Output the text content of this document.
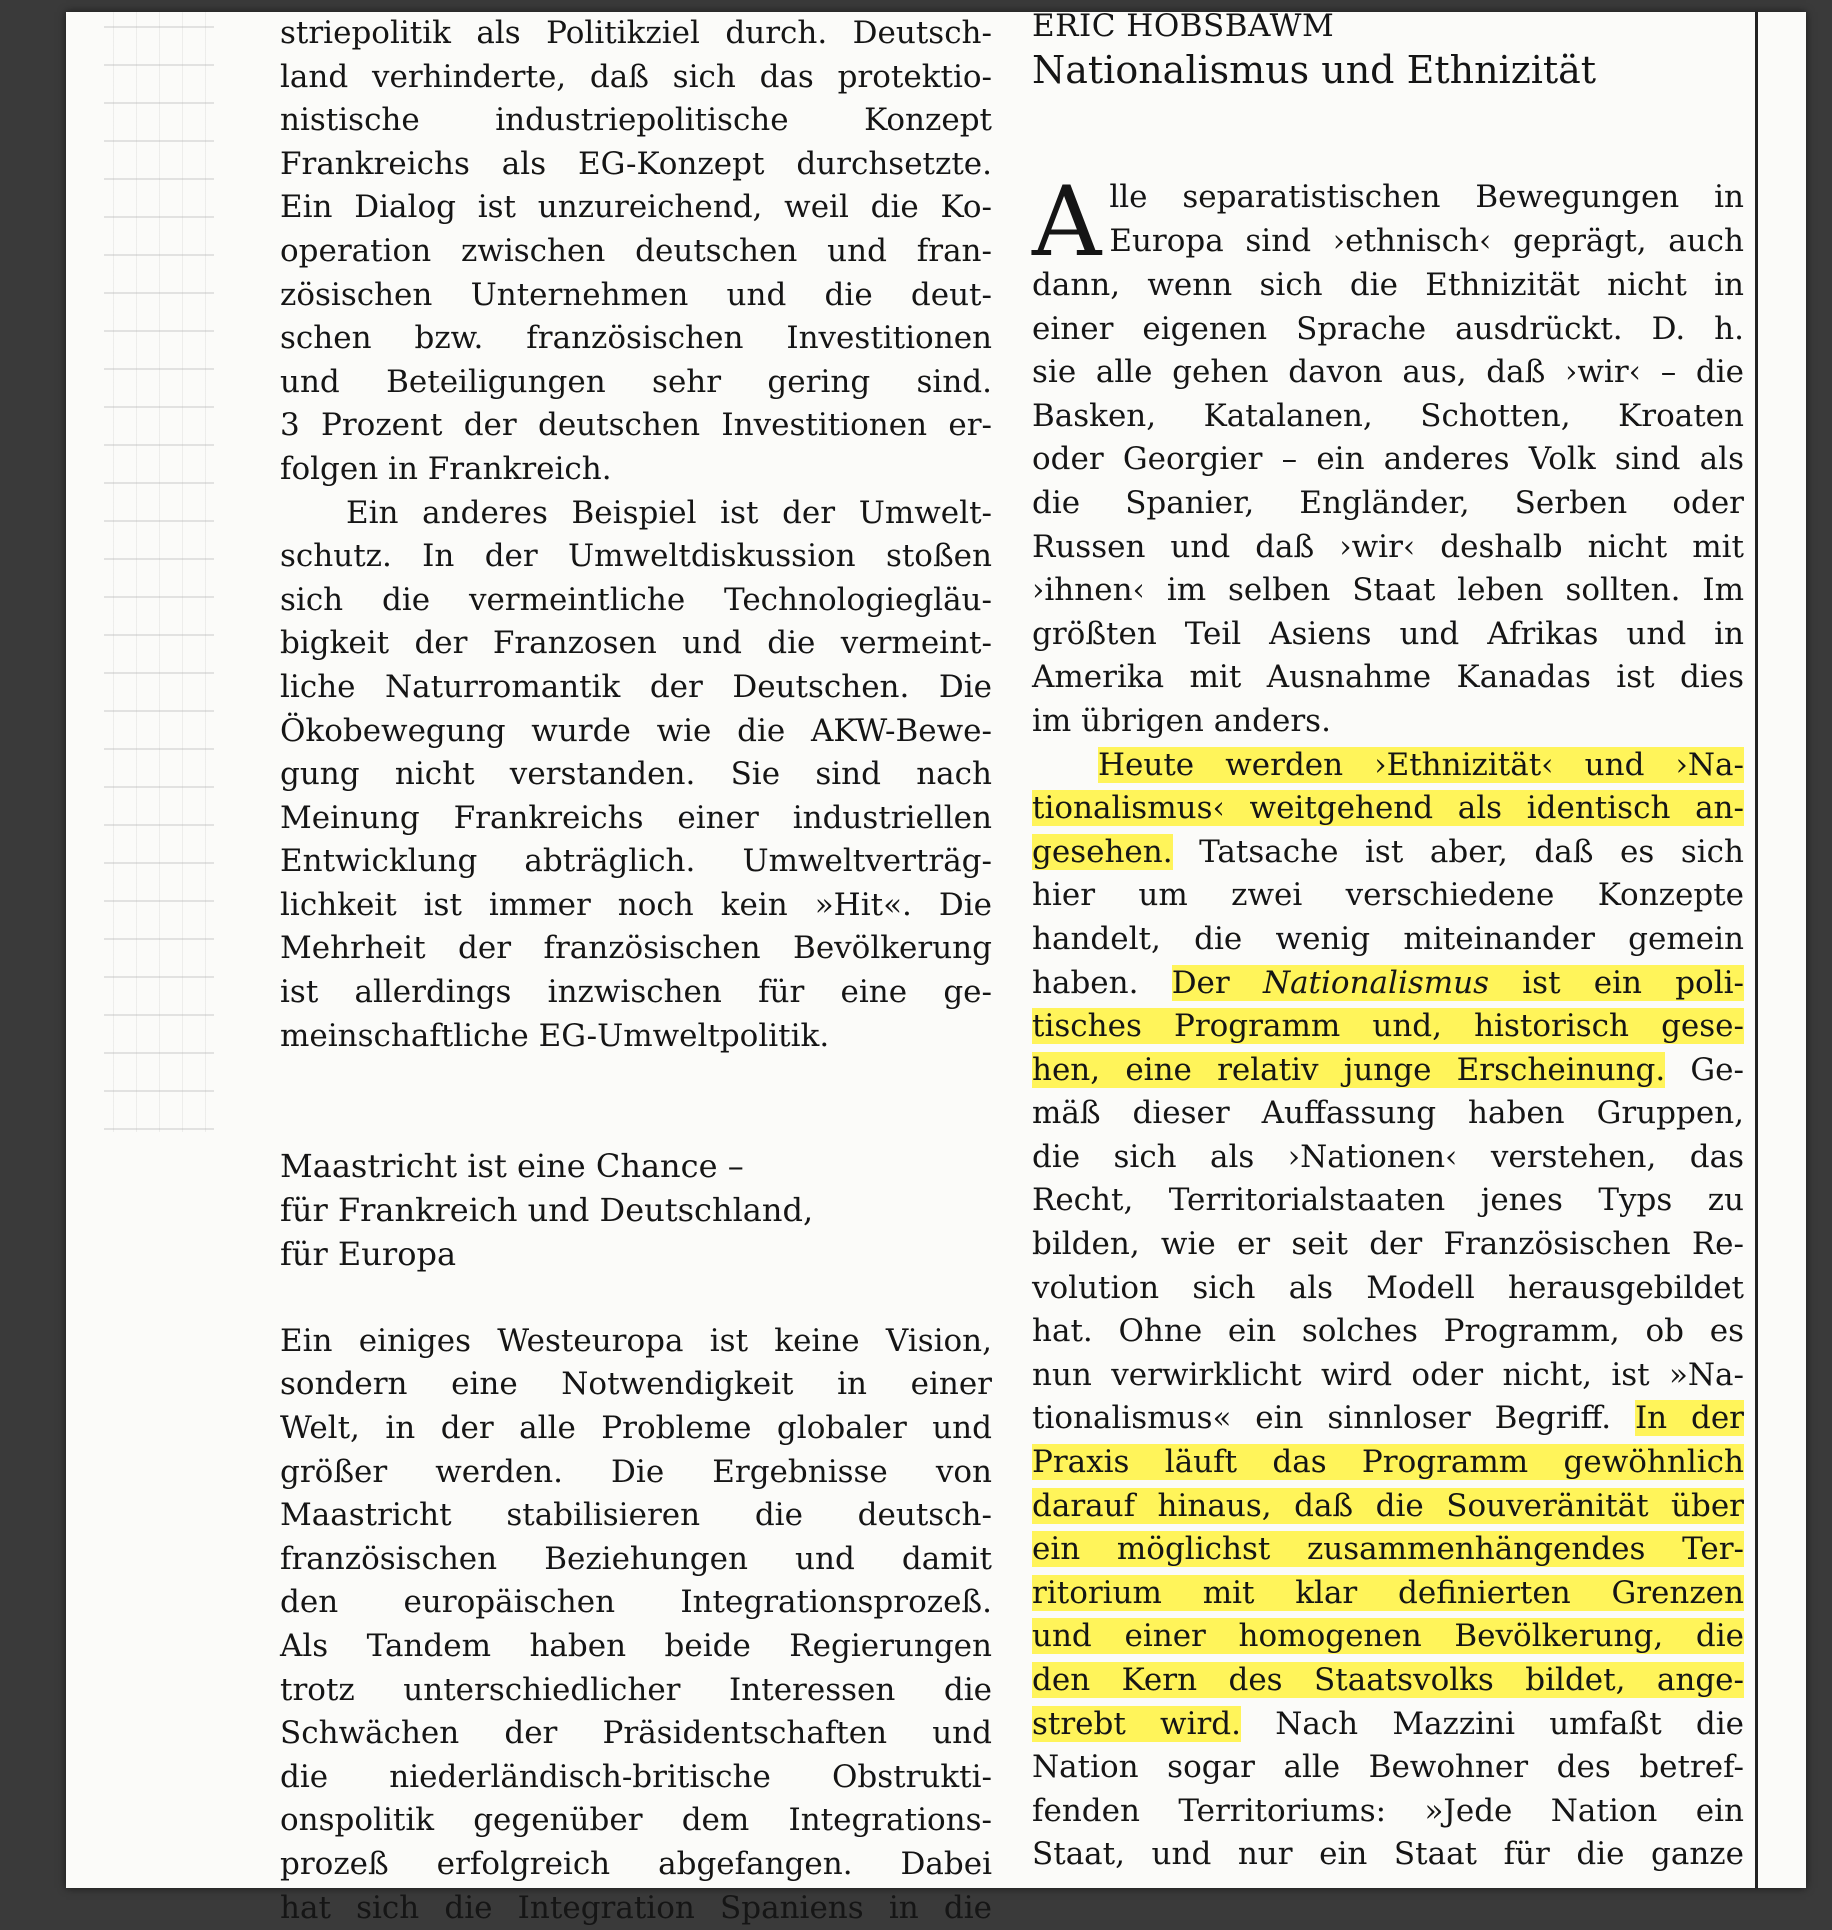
striepolitik als Politikziel durch. Deutsch-
land verhinderte, daß sich das protektio-
nistische industriepolitische Konzept
Frankreichs als EG-Konzept durchsetzte.
Ein Dialog ist unzureichend, weil die Ko-
operation zwischen deutschen und fran-
zösischen Unternehmen und die deut-
schen bzw. französischen Investitionen
und Beteiligungen sehr gering sind.
3 Prozent der deutschen Investitionen er-
folgen in Frankreich.
Ein anderes Beispiel ist der Umwelt-
schutz. In der Umweltdiskussion stoßen
sich die vermeintliche Technologiegläu-
bigkeit der Franzosen und die vermeint-
liche Naturromantik der Deutschen. Die
Ökobewegung wurde wie die AKW-Bewe-
gung nicht verstanden. Sie sind nach
Meinung Frankreichs einer industriellen
Entwicklung abträglich. Umweltverträg-
lichkeit ist immer noch kein »Hit«. Die
Mehrheit der französischen Bevölkerung
ist allerdings inzwischen für eine ge-
meinschaftliche EG-Umweltpolitik.
Maastricht ist eine Chance –
für Frankreich und Deutschland,
für Europa
Ein einiges Westeuropa ist keine Vision,
sondern eine Notwendigkeit in einer
Welt, in der alle Probleme globaler und
größer werden. Die Ergebnisse von
Maastricht stabilisieren die deutsch-
französischen Beziehungen und damit
den europäischen Integrationsprozeß.
Als Tandem haben beide Regierungen
trotz unterschiedlicher Interessen die
Schwächen der Präsidentschaften und
die niederländisch-britische Obstrukti-
onspolitik gegenüber dem Integrations-
prozeß erfolgreich abgefangen. Dabei
hat sich die Integration Spaniens in die
ERIC HOBSBAWM
Nationalismus und Ethnizität
A lle separatistischen Bewegungen in
Europa sind ›ethnisch‹ geprägt, auch
dann, wenn sich die Ethnizität nicht in
einer eigenen Sprache ausdrückt. D. h.
sie alle gehen davon aus, daß ›wir‹ – die
Basken, Katalanen, Schotten, Kroaten
oder Georgier – ein anderes Volk sind als
die Spanier, Engländer, Serben oder
Russen und daß ›wir‹ deshalb nicht mit
›ihnen‹ im selben Staat leben sollten. Im
größten Teil Asiens und Afrikas und in
Amerika mit Ausnahme Kanadas ist dies
im übrigen anders.
Heute werden ›Ethnizität‹ und ›Na-
tionalismus‹ weitgehend als identisch an-
gesehen. Tatsache ist aber, daß es sich
hier um zwei verschiedene Konzepte
handelt, die wenig miteinander gemein
haben. Der Nationalismus ist ein poli-
tisches Programm und, historisch gese-
hen, eine relativ junge Erscheinung. Ge-
mäß dieser Auffassung haben Gruppen,
die sich als ›Nationen‹ verstehen, das
Recht, Territorialstaaten jenes Typs zu
bilden, wie er seit der Französischen Re-
volution sich als Modell herausgebildet
hat. Ohne ein solches Programm, ob es
nun verwirklicht wird oder nicht, ist »Na-
tionalismus« ein sinnloser Begriff. In der
Praxis läuft das Programm gewöhnlich
darauf hinaus, daß die Souveränität über
ein möglichst zusammenhängendes Ter-
ritorium mit klar definierten Grenzen
und einer homogenen Bevölkerung, die
den Kern des Staatsvolks bildet, ange-
strebt wird. Nach Mazzini umfaßt die
Nation sogar alle Bewohner des betref-
fenden Territoriums: »Jede Nation ein
Staat, und nur ein Staat für die ganze
